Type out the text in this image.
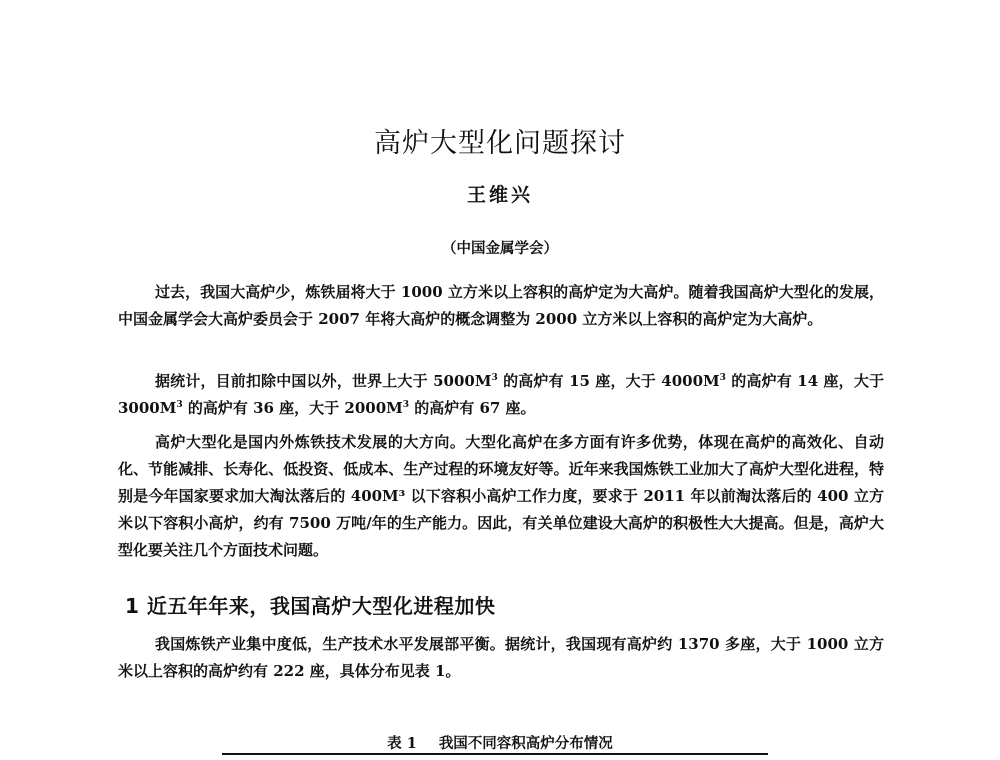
高炉大型化问题探讨
王维兴
（中国金属学会）

过去，我国大高炉少，炼铁届将大于 1000 立方米以上容积的高炉定为大高炉。随着我国高炉大型化的发展，中国金属学会大高炉委员会于 2007 年将大高炉的概念调整为 2000 立方米以上容积的高炉定为大高炉。

据统计，目前扣除中国以外，世界上大于 $5000M^3$ 的高炉有 15 座，大于 $4000M^3$ 的高炉有 14 座，大于 $3000M^3$ 的高炉有 36 座，大于 $2000M^3$ 的高炉有 67 座。

高炉大型化是国内外炼铁技术发展的大方向。大型化高炉在多方面有许多优势，体现在高炉的高效化、自动化、节能减排、长寿化、低投资、低成本、生产过程的环境友好等。近年来我国炼铁工业加大了高炉大型化进程，特别是今年国家要求加大淘汰落后的 400M³ 以下容积小高炉工作力度，要求于 2011 年以前淘汰落后的 400 立方米以下容积小高炉，约有 7500 万吨/年的生产能力。因此，有关单位建设大高炉的积极性大大提高。但是，高炉大型化要关注几个方面技术问题。

1 近五年年来，我国高炉大型化进程加快

我国炼铁产业集中度低，生产技术水平发展部平衡。据统计，我国现有高炉约 1370 多座，大于 1000 立方米以上容积的高炉约有 222 座，具体分布见表 1。

表 1 我国不同容积高炉分布情况
